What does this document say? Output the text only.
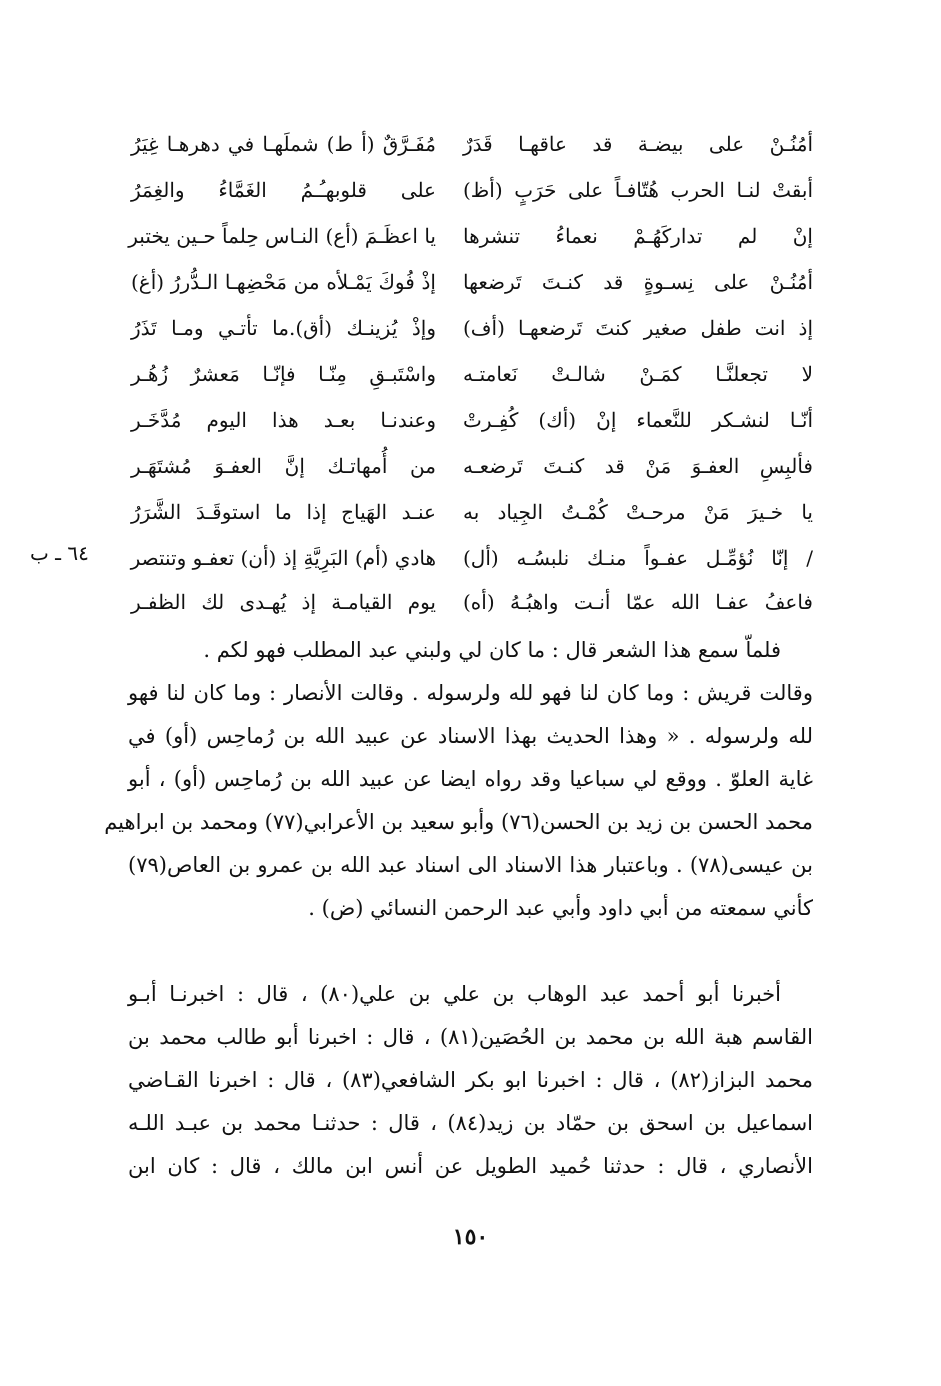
أمُنُـنْ على بيضـة قد عاقهـا قَدَرٌ
أبقتْ لنـا الحرب هُتّافـاً على حَرَبٍ (أظ)
إنْ لم تداركَهُـمْ نعماءُ تنشرها
أمُنُـنْ على نِسـوةٍ قد كنـتَ تَرضعها
إذ انت طفل صغير كنتَ تَرضعهـا (أف)
لا تجعلنَّـا كمَـنْ شالـتْ نَعامتـه
أنّـا لنشـكر للنَّعماء إنْ (أك) كُفِـرتْ
فألبِسِ العفـوَ مَنْ قد كنـتَ تَرضعـه
يا خـيرَ مَنْ مرحـتْ كُمْـتُ الجِياد به
/ إنّا نُؤمِّـل عفـواً منـك نلبسُـه (أل)
فاعفُ عفـا الله عمّا أنـت واهبُـهُ (أه)
مُفَـرَّقٌ (أ ط) شملَهـا في دهرهـا غِيَرُ
على قلوبهـُـمُ الغَمَّاءُ والغِمَرُ
يا اعظَـمَ (أع) النـاس حِلماً حـين يختبر
إذْ فُوكَ يَمْـلأه من مَحْضِهـا الـدُّررُ (أغ)
وإذْ يُزينـك (أق).ما تأتـي ومـا تَذَرُ
واسْتَبـقِ مِنّـا فإنّـا مَعشرٌ زُهُـر
وعندنـا بعـد هذا اليوم مُدَّخَـر
من أُمهاتـك إنَّ العفـوَ مُشتَهَـر
عنـد الهَياج إذا ما استوقَـدَ الشَّرَرُ
هادي (أم) البَرِيَّةِ إذ (أن) تعفـو وتنتصر
يوم القيامـة إذ يُهـدى لك الظفـر
٦٤ ـ ب
فلماّ سمع هذا الشعر قال : ما كان لي ولبني عبد المطلب فهو لكم .
وقالت قريش : وما كان لنا فهو لله ولرسوله . وقالت الأنصار : وما كان لنا فهو
لله ولرسوله . « وهذا الحديث بهذا الاسناد عن عبيد الله بن رُماحِس (أو) في
غاية العلوّ . ووقع لي سباعيا وقد رواه ايضا عن عبيد الله بن رُماحِس (أو) ، أبو
محمد الحسن بن زيد بن الحسن(٧٦) وأبو سعيد بن الأعرابي(٧٧) ومحمد بن ابراهيم
بن عيسى(٧٨) . وباعتبار هذا الاسناد الى اسناد عبد الله بن عمرو بن العاص(٧٩)
كأني سمعته من أبي داود وأبي عبد الرحمن النسائي (ض) .
أخبرنا أبو أحمد عبد الوهاب بن علي بن علي(٨٠) ، قال : اخبرنـا أبـو
القاسم هبة الله بن محمد بن الحُصَين(٨١) ، قال : اخبرنا أبو طالب محمد بن
محمد البزاز(٨٢) ، قال : اخبرنا ابو بكر الشافعي(٨٣) ، قال : اخبرنا القـاضي
اسماعيل بن اسحق بن حمّاد بن زيد(٨٤) ، قال : حدثنـا محمد بن عبـد اللـه
الأنصاري ، قال : حدثنا حُميد الطويل عن أنس ابن مالك ، قال : كان ابن
١٥٠
